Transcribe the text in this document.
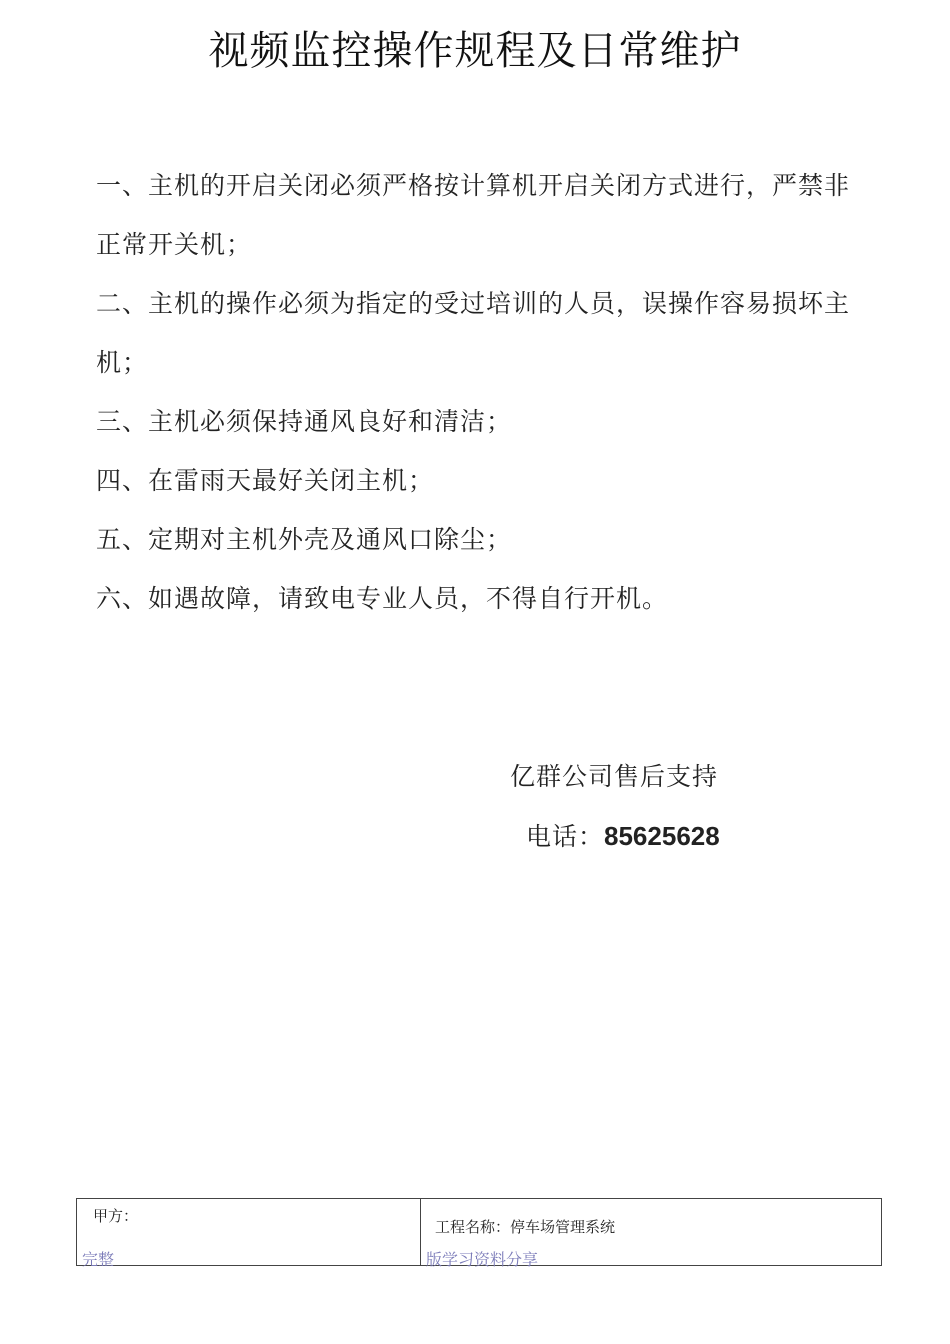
视频监控操作规程及日常维护
一、主机的开启关闭必须严格按计算机开启关闭方式进行，严禁非
正常开关机；
二、主机的操作必须为指定的受过培训的人员，误操作容易损坏主
机；
三、主机必须保持通风良好和清洁；
四、在雷雨天最好关闭主机；
五、定期对主机外壳及通风口除尘；
六、如遇故障，请致电专业人员，不得自行开机。
亿群公司售后支持
电话：85625628
甲方：
工程名称：停车场管理系统
完整	版学习资料分享
